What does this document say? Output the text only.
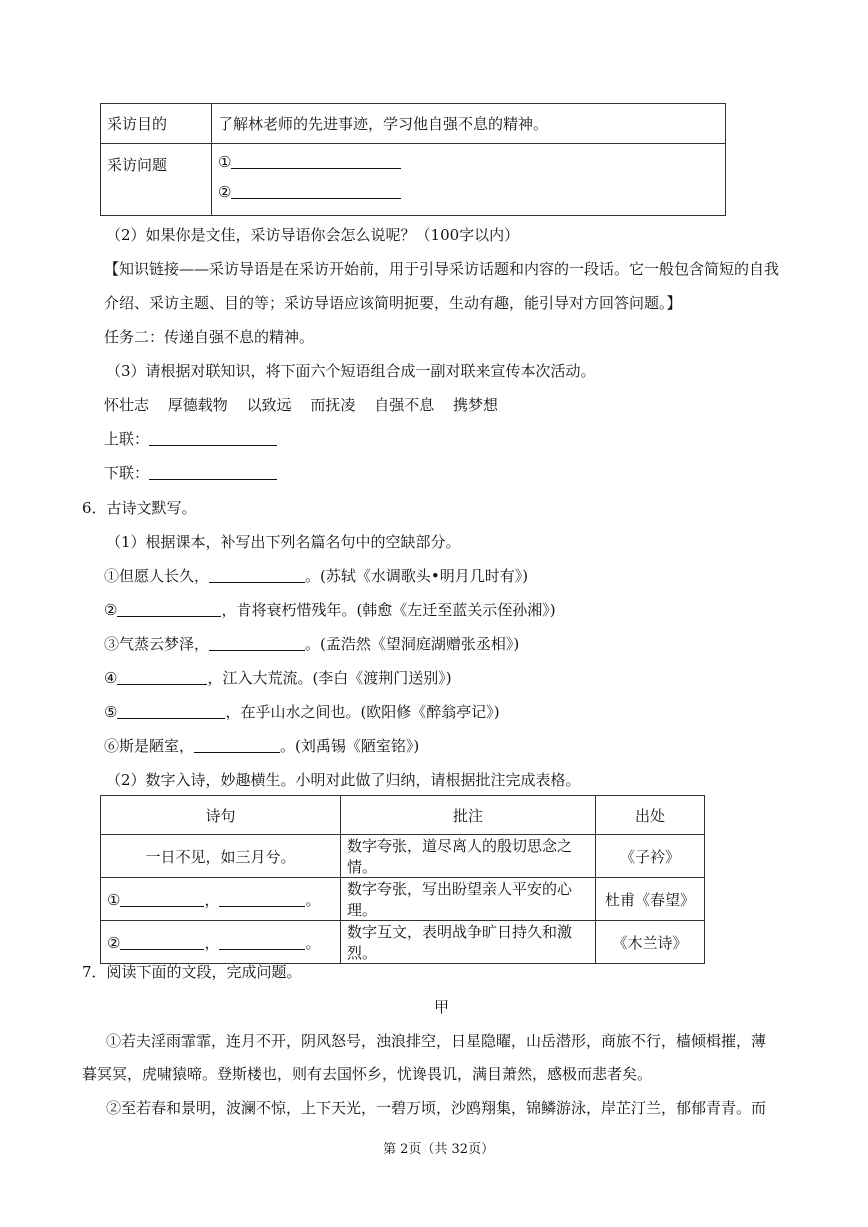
采访目的	了解林老师的先进事迹，学习他自强不息的精神。
采访问题	①
②
（2）如果你是文佳，采访导语你会怎么说呢？（100字以内）
【知识链接——采访导语是在采访开始前，用于引导采访话题和内容的一段话。它一般包含简短的自我
介绍、采访主题、目的等；采访导语应该简明扼要，生动有趣，能引导对方回答问题。】
任务二：传递自强不息的精神。
（3）请根据对联知识，将下面六个短语组合成一副对联来宣传本次活动。
怀壮志 厚德载物 以致远 而抚凌 自强不息 携梦想
上联：
下联：
6．古诗文默写。
（1）根据课本，补写出下列名篇名句中的空缺部分。
①但愿人长久，	。(苏轼《水调歌头•明月几时有》)
②	，肯将衰朽惜残年。(韩愈《左迁至蓝关示侄孙湘》)
③气蒸云梦泽，	。(孟浩然《望洞庭湖赠张丞相》)
④	，江入大荒流。(李白《渡荆门送别》)
⑤	，在乎山水之间也。(欧阳修《醉翁亭记》)
⑥斯是陋室，	。(刘禹锡《陋室铭》)
（2）数字入诗，妙趣横生。小明对此做了归纳，请根据批注完成表格。
诗句	批注	出处
一日不见，如三月兮。	数字夸张，道尽离人的殷切思念之情。	《子衿》
① ， 。	数字夸张，写出盼望亲人平安的心理。	杜甫《春望》
② ， 。	数字互文，表明战争旷日持久和激烈。	《木兰诗》
7．阅读下面的文段，完成问题。
甲
①若夫淫雨霏霏，连月不开，阴风怒号，浊浪排空，日星隐曜，山岳潜形，商旅不行，樯倾楫摧，薄
暮冥冥，虎啸猿啼。登斯楼也，则有去国怀乡，忧谗畏讥，满目萧然，感极而悲者矣。
②至若春和景明，波澜不惊，上下天光，一碧万顷，沙鸥翔集，锦鳞游泳，岸芷汀兰，郁郁青青。而
第 2页（共 32页）
